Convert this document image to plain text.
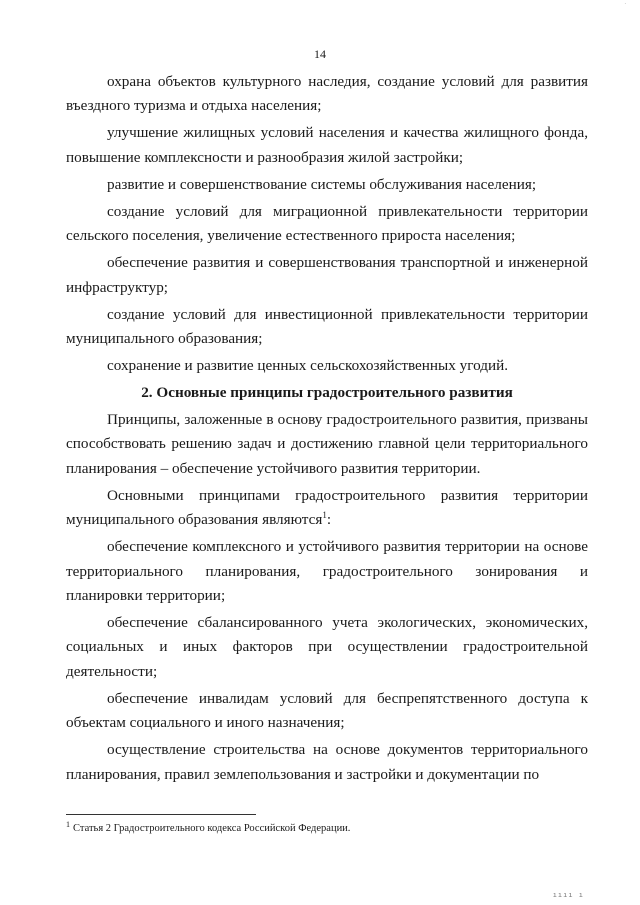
.
14

охрана объектов культурного наследия, создание условий для развития въездного туризма и отдыха населения;

улучшение жилищных условий населения и качества жилищного фонда, повышение комплексности и разнообразия жилой застройки;

развитие и совершенствование системы обслуживания населения;

создание условий для миграционной привлекательности территории сельского поселения, увеличение естественного прироста населения;

обеспечение развития и совершенствования транспортной и инженерной инфраструктур;

создание условий для инвестиционной привлекательности территории муниципального образования;

сохранение и развитие ценных сельскохозяйственных угодий.

2. Основные принципы градостроительного развития

Принципы, заложенные в основу градостроительного развития, призваны способствовать решению задач и достижению главной цели территориального планирования – обеспечение устойчивого развития территории.

Основными принципами градостроительного развития территории муниципального образования являются$^1$:

обеспечение комплексного и устойчивого развития территории на основе территориального планирования, градостроительного зонирования и планировки территории;

обеспечение сбалансированного учета экологических, экономических, социальных и иных факторов при осуществлении градостроительной деятельности;

обеспечение инвалидам условий для беспрепятственного доступа к объектам социального и иного назначения;

осуществление строительства на основе документов территориального планирования, правил землепользования и застройки и документации по

$^1$ Статья 2 Градостроительного кодекса Российской Федерации.
ıııı ı
